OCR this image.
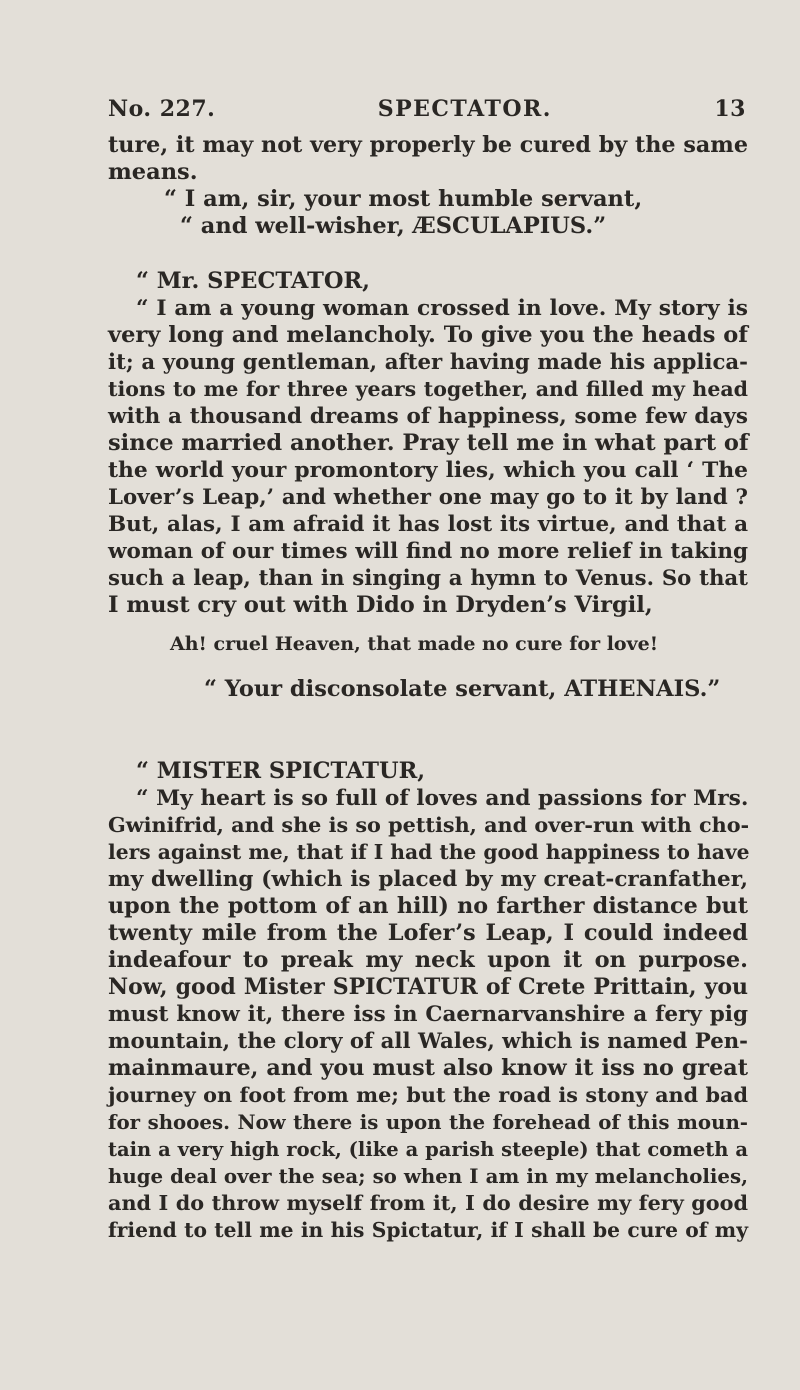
No. 227.	SPECTATOR.	13
ture, it may not very properly be cured by the same
means.
“ I am, sir, your most humble servant,
“ and well-wisher, ÆSCULAPIUS.”
“ Mr. SPECTATOR,
“ I am a young woman crossed in love. My story is
very long and melancholy. To give you the heads of
it; a young gentleman, after having made his applica-
tions to me for three years together, and filled my head
with a thousand dreams of happiness, some few days
since married another. Pray tell me in what part of
the world your promontory lies, which you call ‘ The
Lover’s Leap,’ and whether one may go to it by land ?
But, alas, I am afraid it has lost its virtue, and that a
woman of our times will find no more relief in taking
such a leap, than in singing a hymn to Venus. So that
I must cry out with Dido in Dryden’s Virgil,
Ah! cruel Heaven, that made no cure for love!
“ Your disconsolate servant, ATHENAIS.”
“ MISTER SPICTATUR,
“ My heart is so full of loves and passions for Mrs.
Gwinifrid, and she is so pettish, and over-run with cho-
lers against me, that if I had the good happiness to have
my dwelling (which is placed by my creat-cranfather,
upon the pottom of an hill) no farther distance but
twenty mile from the Lofer’s Leap, I could indeed
indeafour to preak my neck upon it on purpose.
Now, good Mister SPICTATUR of Crete Prittain, you
must know it, there iss in Caernarvanshire a fery pig
mountain, the clory of all Wales, which is named Pen-
mainmaure, and you must also know it iss no great
journey on foot from me; but the road is stony and bad
for shooes. Now there is upon the forehead of this moun-
tain a very high rock, (like a parish steeple) that cometh a
huge deal over the sea; so when I am in my melancholies,
and I do throw myself from it, I do desire my fery good
friend to tell me in his Spictatur, if I shall be cure of my
